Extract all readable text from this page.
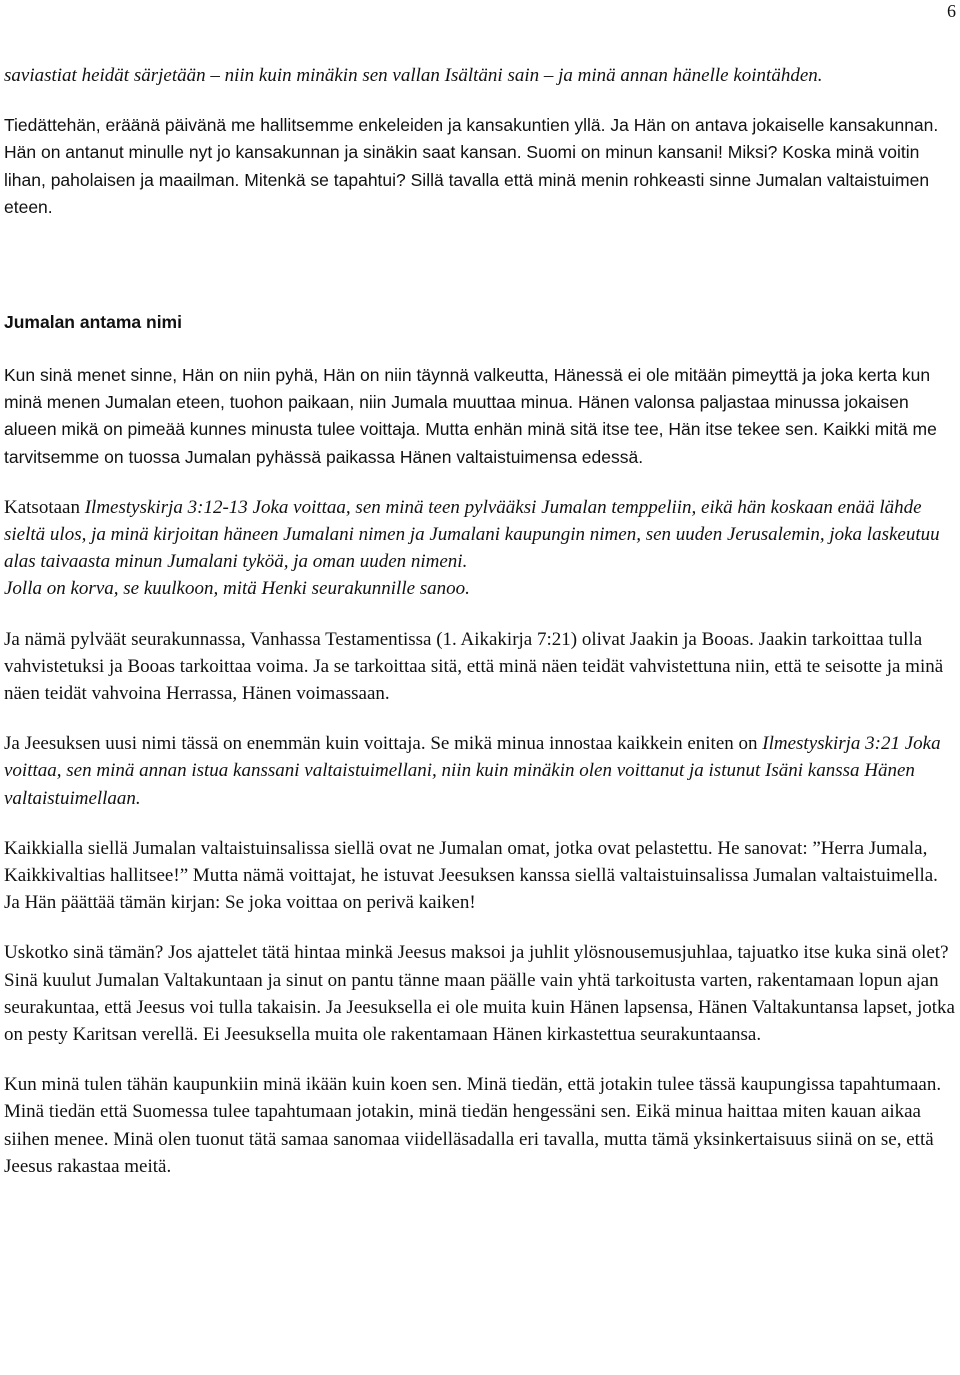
6

saviastiat heidät särjetään – niin kuin minäkin sen vallan Isältäni sain – ja minä annan hänelle kointähden.

Tiedättehän, eräänä päivänä me hallitsemme enkeleiden ja kansakuntien yllä. Ja Hän on antava jokaiselle kansakunnan. Hän on antanut minulle nyt jo kansakunnan ja sinäkin saat kansan. Suomi on minun kansani! Miksi? Koska minä voitin lihan, paholaisen ja maailman. Mitenkä se tapahtui? Sillä tavalla että minä menin rohkeasti sinne Jumalan valtaistuimen eteen.

Jumalan antama nimi

Kun sinä menet sinne, Hän on niin pyhä, Hän on niin täynnä valkeutta, Hänessä ei ole mitään pimeyttä ja joka kerta kun minä menen Jumalan eteen, tuohon paikaan, niin Jumala muuttaa minua. Hänen valonsa paljastaa minussa jokaisen alueen mikä on pimeää kunnes minusta tulee voittaja. Mutta enhän minä sitä itse tee, Hän itse tekee sen. Kaikki mitä me tarvitsemme on tuossa Jumalan pyhässä paikassa Hänen valtaistuimensa edessä.

Katsotaan Ilmestyskirja 3:12-13 Joka voittaa, sen minä teen pylvääksi Jumalan temppeliin, eikä hän koskaan enää lähde sieltä ulos, ja minä kirjoitan häneen Jumalani nimen ja Jumalani kaupungin nimen, sen uuden Jerusalemin, joka laskeutuu alas taivaasta minun Jumalani tyköä, ja oman uuden nimeni.

Jolla on korva, se kuulkoon, mitä Henki seurakunnille sanoo.

Ja nämä pylväät seurakunnassa, Vanhassa Testamentissa (1. Aikakirja 7:21) olivat Jaakin ja Booas. Jaakin tarkoittaa tulla vahvistetuksi ja Booas tarkoittaa voima. Ja se tarkoittaa sitä, että minä näen teidät vahvistettuna niin, että te seisotte ja minä näen teidät vahvoina Herrassa, Hänen voimassaan.

Ja Jeesuksen uusi nimi tässä on enemmän kuin voittaja. Se mikä minua innostaa kaikkein eniten on Ilmestyskirja 3:21 Joka voittaa, sen minä annan istua kanssani valtaistuimellani, niin kuin minäkin olen voittanut ja istunut Isäni kanssa Hänen valtaistuimellaan.

Kaikkialla siellä Jumalan valtaistuinsalissa siellä ovat ne Jumalan omat, jotka ovat pelastettu. He sanovat: ”Herra Jumala, Kaikkivaltias hallitsee!” Mutta nämä voittajat, he istuvat Jeesuksen kanssa siellä valtaistuinsalissa Jumalan valtaistuimella. Ja Hän päättää tämän kirjan: Se joka voittaa on perivä kaiken!

Uskotko sinä tämän? Jos ajattelet tätä hintaa minkä Jeesus maksoi ja juhlit ylösnousemusjuhlaa, tajuatko itse kuka sinä olet? Sinä kuulut Jumalan Valtakuntaan ja sinut on pantu tänne maan päälle vain yhtä tarkoitusta varten, rakentamaan lopun ajan seurakuntaa, että Jeesus voi tulla takaisin. Ja Jeesuksella ei ole muita kuin Hänen lapsensa, Hänen Valtakuntansa lapset, jotka on pesty Karitsan verellä. Ei Jeesuksella muita ole rakentamaan Hänen kirkastettua seurakuntaansa.

Kun minä tulen tähän kaupunkiin minä ikään kuin koen sen. Minä tiedän, että jotakin tulee tässä kaupungissa tapahtumaan. Minä tiedän että Suomessa tulee tapahtumaan jotakin, minä tiedän hengessäni sen. Eikä minua haittaa miten kauan aikaa siihen menee. Minä olen tuonut tätä samaa sanomaa viidelläsadalla eri tavalla, mutta tämä yksinkertaisuus siinä on se, että Jeesus rakastaa meitä.
